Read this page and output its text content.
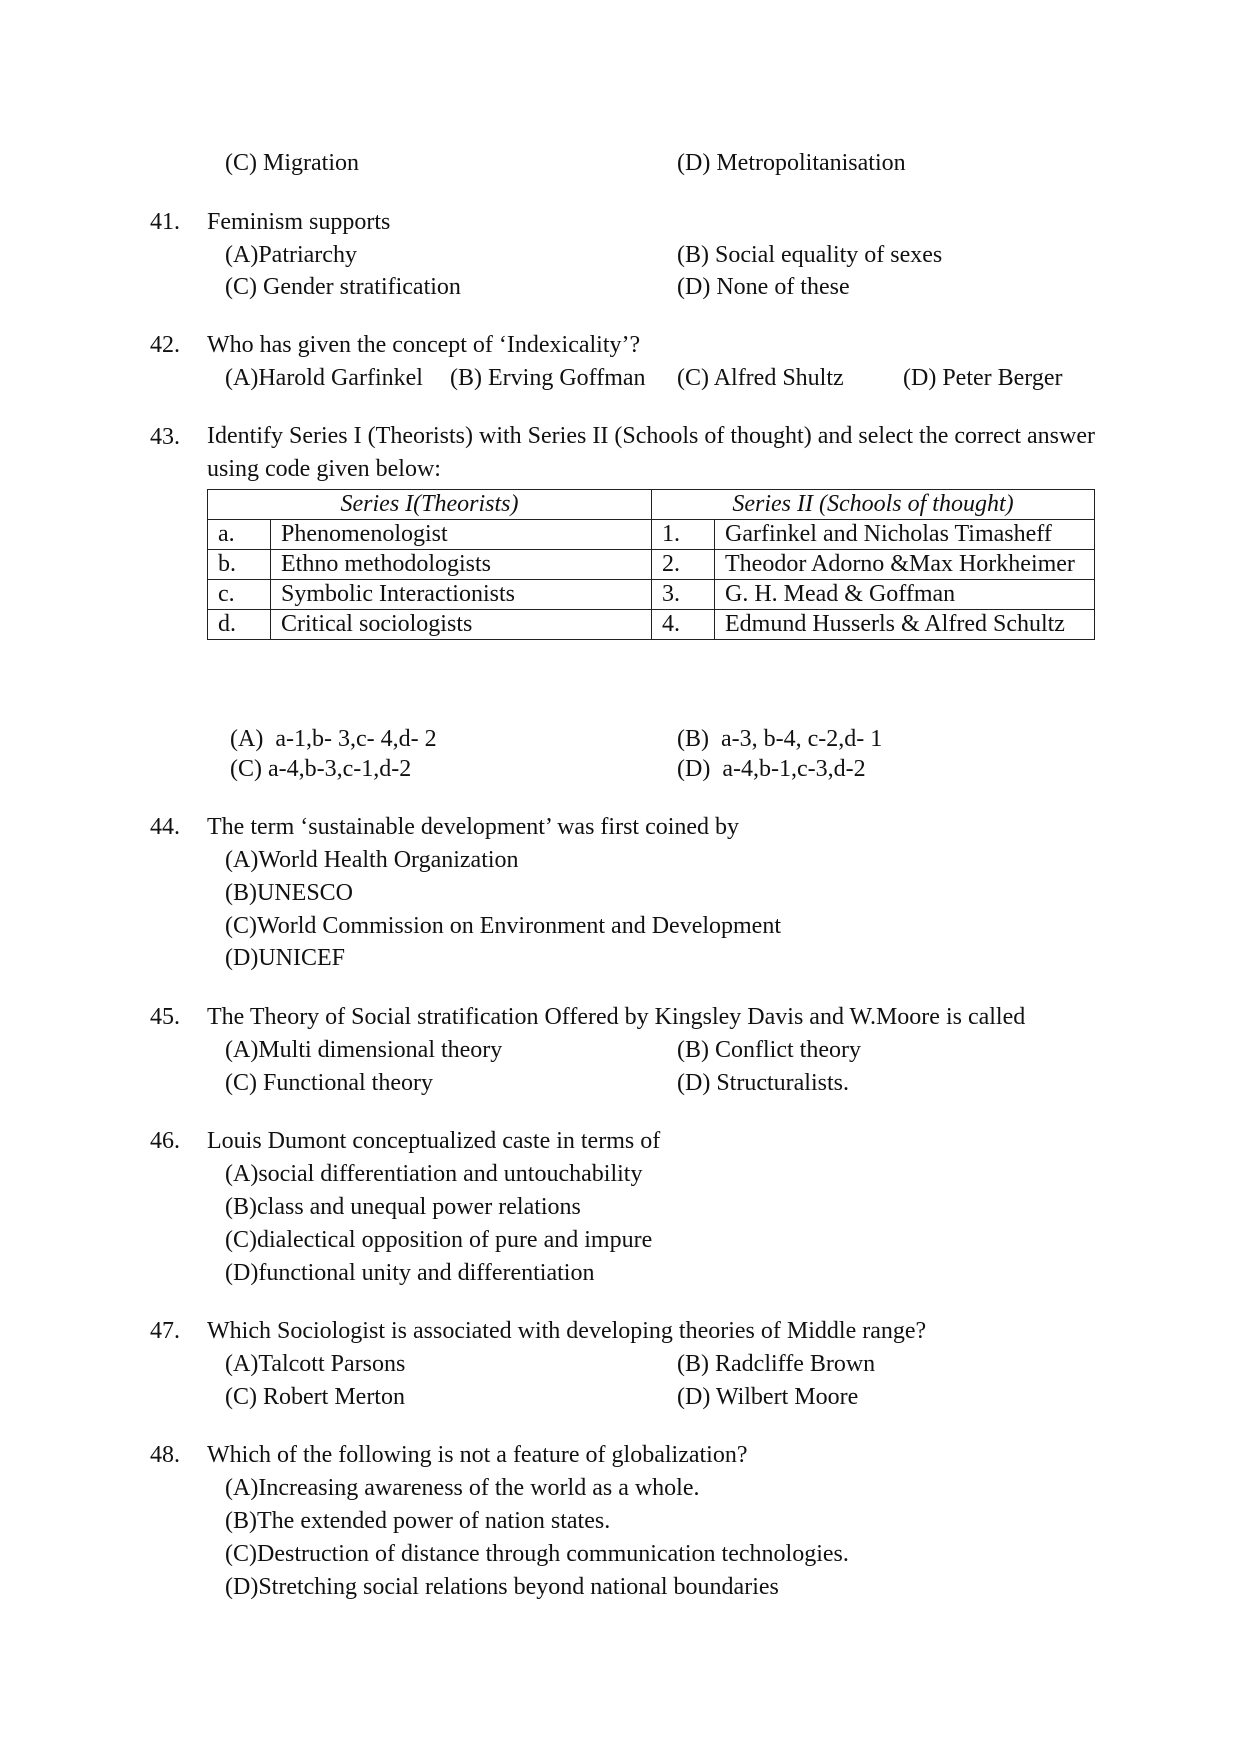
(C) Migration	(D) Metropolitanisation
41. Feminism supports
(A)Patriarchy	(B) Social equality of sexes
(C) Gender stratification	(D) None of these
42. Who has given the concept of ‘Indexicality’?
(A)Harold Garfinkel (B) Erving Goffman (C) Alfred Shultz (D) Peter Berger
43. Identify Series I (Theorists) with Series II (Schools of thought) and select the correct answer using code given below:
Series I(Theorists)		Series II (Schools of thought)	
a.	Phenomenologist	1.	Garfinkel and Nicholas Timasheff
b.	Ethno methodologists	2.	Theodor Adorno &Max Horkheimer
c.	Symbolic Interactionists	3.	G. H. Mead & Goffman
d.	Critical sociologists	4.	Edmund Husserls & Alfred Schultz
(A) a-1,b- 3,c- 4,d- 2	(B) a-3, b-4, c-2,d- 1
(C) a-4,b-3,c-1,d-2	(D) a-4,b-1,c-3,d-2
44. The term ‘sustainable development’ was first coined by
(A)World Health Organization
(B)UNESCO
(C)World Commission on Environment and Development
(D)UNICEF
45. The Theory of Social stratification Offered by Kingsley Davis and W.Moore is called
(A)Multi dimensional theory	(B) Conflict theory
(C) Functional theory	(D) Structuralists.
46. Louis Dumont conceptualized caste in terms of
(A)social differentiation and untouchability
(B)class and unequal power relations
(C)dialectical opposition of pure and impure
(D)functional unity and differentiation
47. Which Sociologist is associated with developing theories of Middle range?
(A)Talcott Parsons	(B) Radcliffe Brown
(C) Robert Merton	(D) Wilbert Moore
48. Which of the following is not a feature of globalization?
(A)Increasing awareness of the world as a whole.
(B)The extended power of nation states.
(C)Destruction of distance through communication technologies.
(D)Stretching social relations beyond national boundaries
